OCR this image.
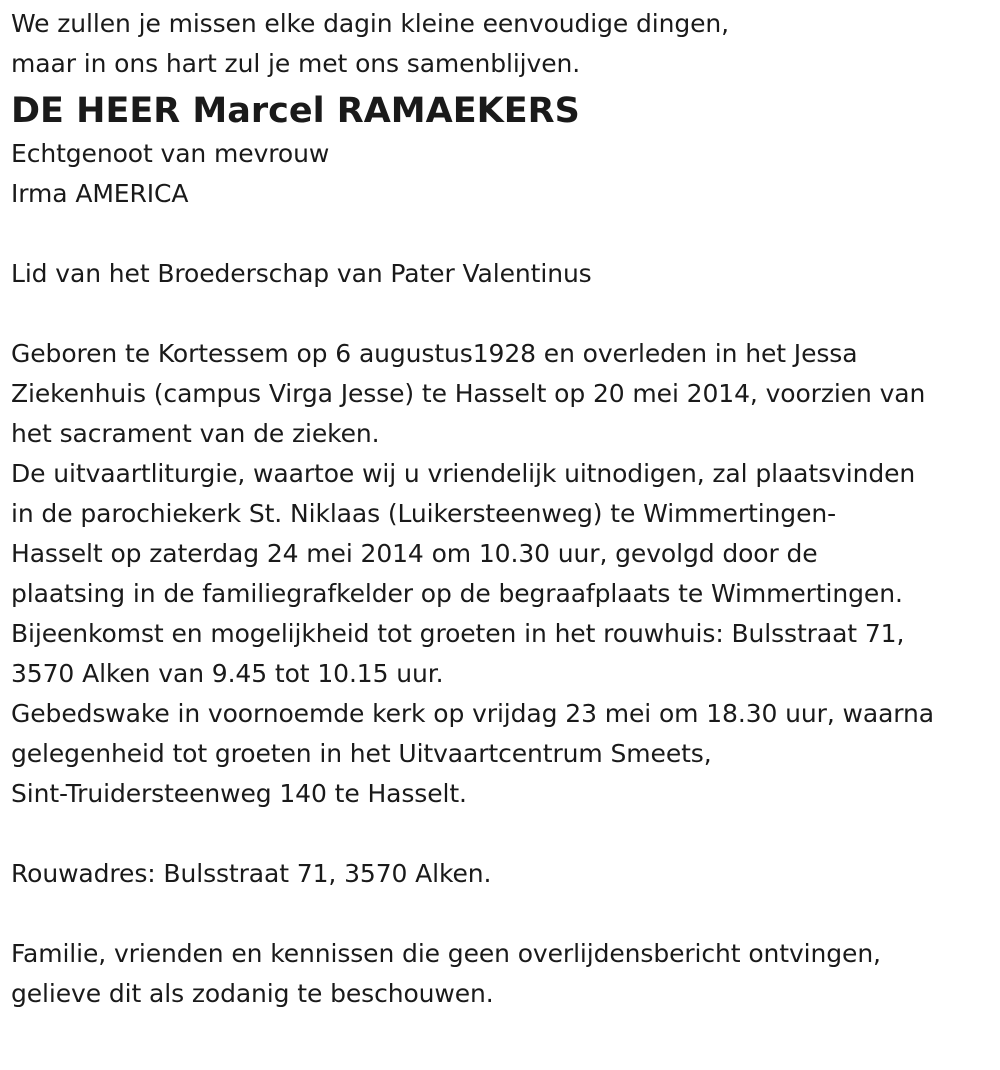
We zullen je missen elke dagin kleine eenvoudige dingen,
maar in ons hart zul je met ons samenblijven.
DE HEER Marcel RAMAEKERS
Echtgenoot van mevrouw
Irma AMERICA
Lid van het Broederschap van Pater Valentinus
Geboren te Kortessem op 6 augustus1928 en overleden in het Jessa
Ziekenhuis (campus Virga Jesse) te Hasselt op 20 mei 2014, voorzien van
het sacrament van de zieken.
De uitvaartliturgie, waartoe wij u vriendelijk uitnodigen, zal plaatsvinden
in de parochiekerk St. Niklaas (Luikersteenweg) te Wimmertingen-
Hasselt op zaterdag 24 mei 2014 om 10.30 uur, gevolgd door de
plaatsing in de familiegrafkelder op de begraafplaats te Wimmertingen.
Bijeenkomst en mogelijkheid tot groeten in het rouwhuis: Bulsstraat 71,
3570 Alken van 9.45 tot 10.15 uur.
Gebedswake in voornoemde kerk op vrijdag 23 mei om 18.30 uur, waarna
gelegenheid tot groeten in het Uitvaartcentrum Smeets,
Sint-Truidersteenweg 140 te Hasselt.
Rouwadres: Bulsstraat 71, 3570 Alken.
Familie, vrienden en kennissen die geen overlijdensbericht ontvingen,
gelieve dit als zodanig te beschouwen.
